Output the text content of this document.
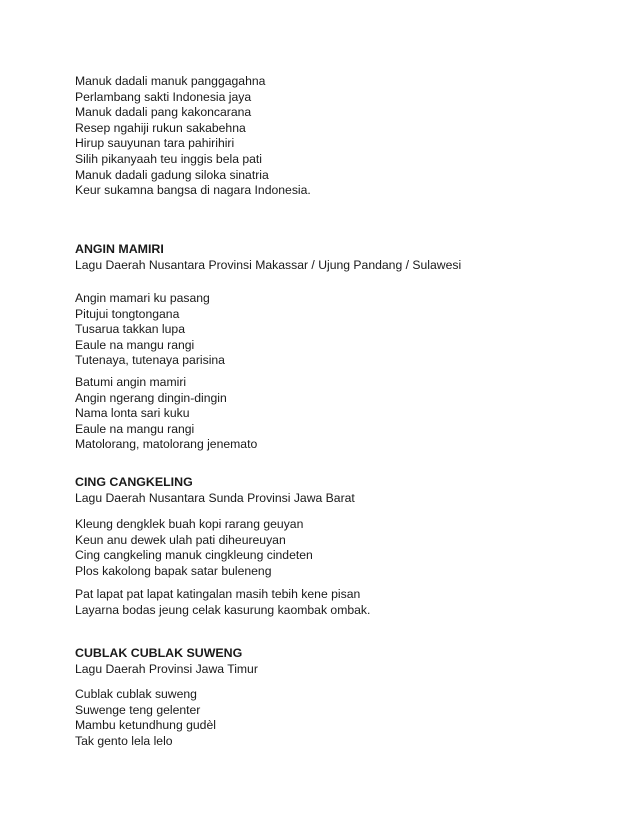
Manuk dadali manuk panggagahna
Perlambang sakti Indonesia jaya
Manuk dadali pang kakoncarana
Resep ngahiji rukun sakabehna
Hirup sauyunan tara pahirihiri
Silih pikanyaah teu inggis bela pati
Manuk dadali gadung siloka sinatria
Keur sukamna bangsa di nagara Indonesia.
ANGIN MAMIRI
Lagu Daerah Nusantara Provinsi Makassar / Ujung Pandang / Sulawesi
Angin mamari ku pasang
Pitujui tongtongana
Tusarua takkan lupa
Eaule na mangu rangi
Tutenaya, tutenaya parisina
Batumi angin mamiri
Angin ngerang dingin-dingin
Nama lonta sari kuku
Eaule na mangu rangi
Matolorang, matolorang jenemato
CING CANGKELING
Lagu Daerah Nusantara Sunda Provinsi Jawa Barat
Kleung dengklek buah kopi rarang geuyan
Keun anu dewek ulah pati diheureuyan
Cing cangkeling manuk cingkleung cindeten
Plos kakolong bapak satar buleneng
Pat lapat pat lapat katingalan masih tebih kene pisan
Layarna bodas jeung celak kasurung kaombak ombak.
CUBLAK CUBLAK SUWENG
Lagu Daerah Provinsi Jawa Timur
Cublak cublak suweng
Suwenge teng gelenter
Mambu ketundhung gudèl
Tak gento lela lelo
